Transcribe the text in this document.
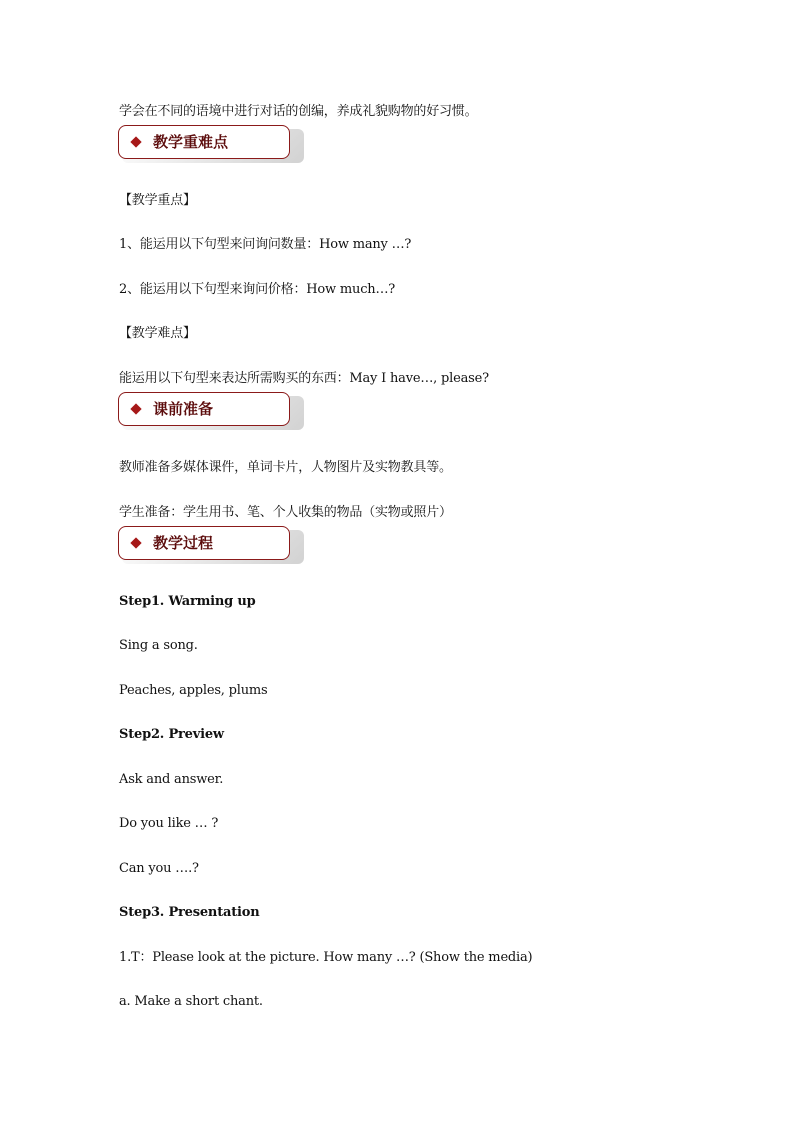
学会在不同的语境中进行对话的创编，养成礼貌购物的好习惯。
教学重难点
【教学重点】
1、能运用以下句型来问询问数量：How many …?
2、能运用以下句型来询问价格：How much…?
【教学难点】
能运用以下句型来表达所需购买的东西：May I have…, please?
课前准备
教师准备多媒体课件，单词卡片，人物图片及实物教具等。
学生准备：学生用书、笔、个人收集的物品（实物或照片）
教学过程
Step1. Warming up
Sing a song.
Peaches, apples, plums
Step2. Preview
Ask and answer.
Do you like … ?
Can you ….?
Step3. Presentation
1.T：Please look at the picture. How many …? (Show the media)
a. Make a short chant.
